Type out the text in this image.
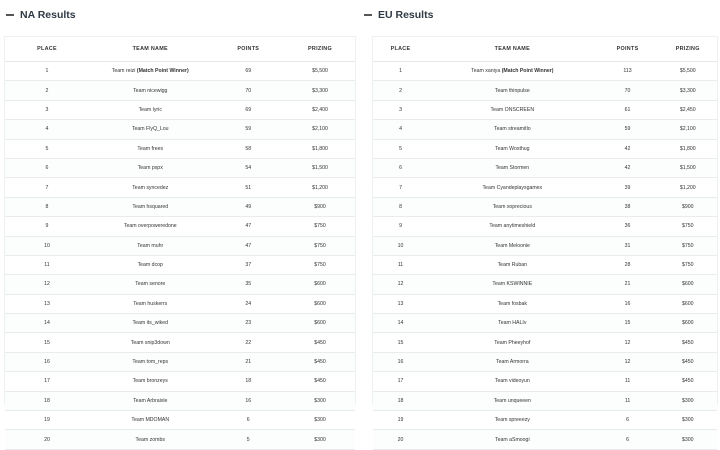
NA Results
PLACE	TEAM NAME	POINTS	PRIZING
1	Team reizi (Match Point Winner)	69	$5,500
2	Team nicewigg	70	$3,300
3	Team lyric	69	$2,400
4	Team FlyQ_Lou	59	$2,100
5	Team frees	58	$1,800
6	Team pxpx	54	$1,500
7	Team syncedez	51	$1,200
8	Team hsquared	49	$900
9	Team overpoweredone	47	$750
10	Team muhr	47	$750
11	Team dcop	37	$750
12	Team senore	35	$600
13	Team huskerrs	24	$600
14	Team its_wiked	23	$600
15	Team snip3down	22	$450
16	Team tom_reps	21	$450
17	Team bronzeys	18	$450
18	Team Arbraixle	16	$300
19	Team MDOMAN	6	$300
20	Team zombs	5	$300
EU Results
PLACE	TEAM NAME	POINTS	PRIZING
1	Team xaniya (Match Point Winner)	113	$5,500
2	Team thinpulse	70	$3,300
3	Team ONSCREEN	61	$2,450
4	Team streamitlo	59	$2,100
5	Team Wosthug	42	$1,800
6	Team Stormen	42	$1,500
7	Team Cyandeplaysgamex	39	$1,200
8	Team xoprecious	38	$900
9	Team anytimeshield	36	$750
10	Team Meloonie	31	$750
11	Team Ruban	28	$750
12	Team KSWINNIE	21	$600
13	Team fosbak	16	$600
14	Team HALIv	15	$600
15	Team Pheeyhof	12	$450
16	Team Armorra	12	$450
17	Team videoyun	11	$450
18	Team unqueeen	11	$300
19	Team spreeezy	6	$300
20	Team aSmoogi	6	$300
